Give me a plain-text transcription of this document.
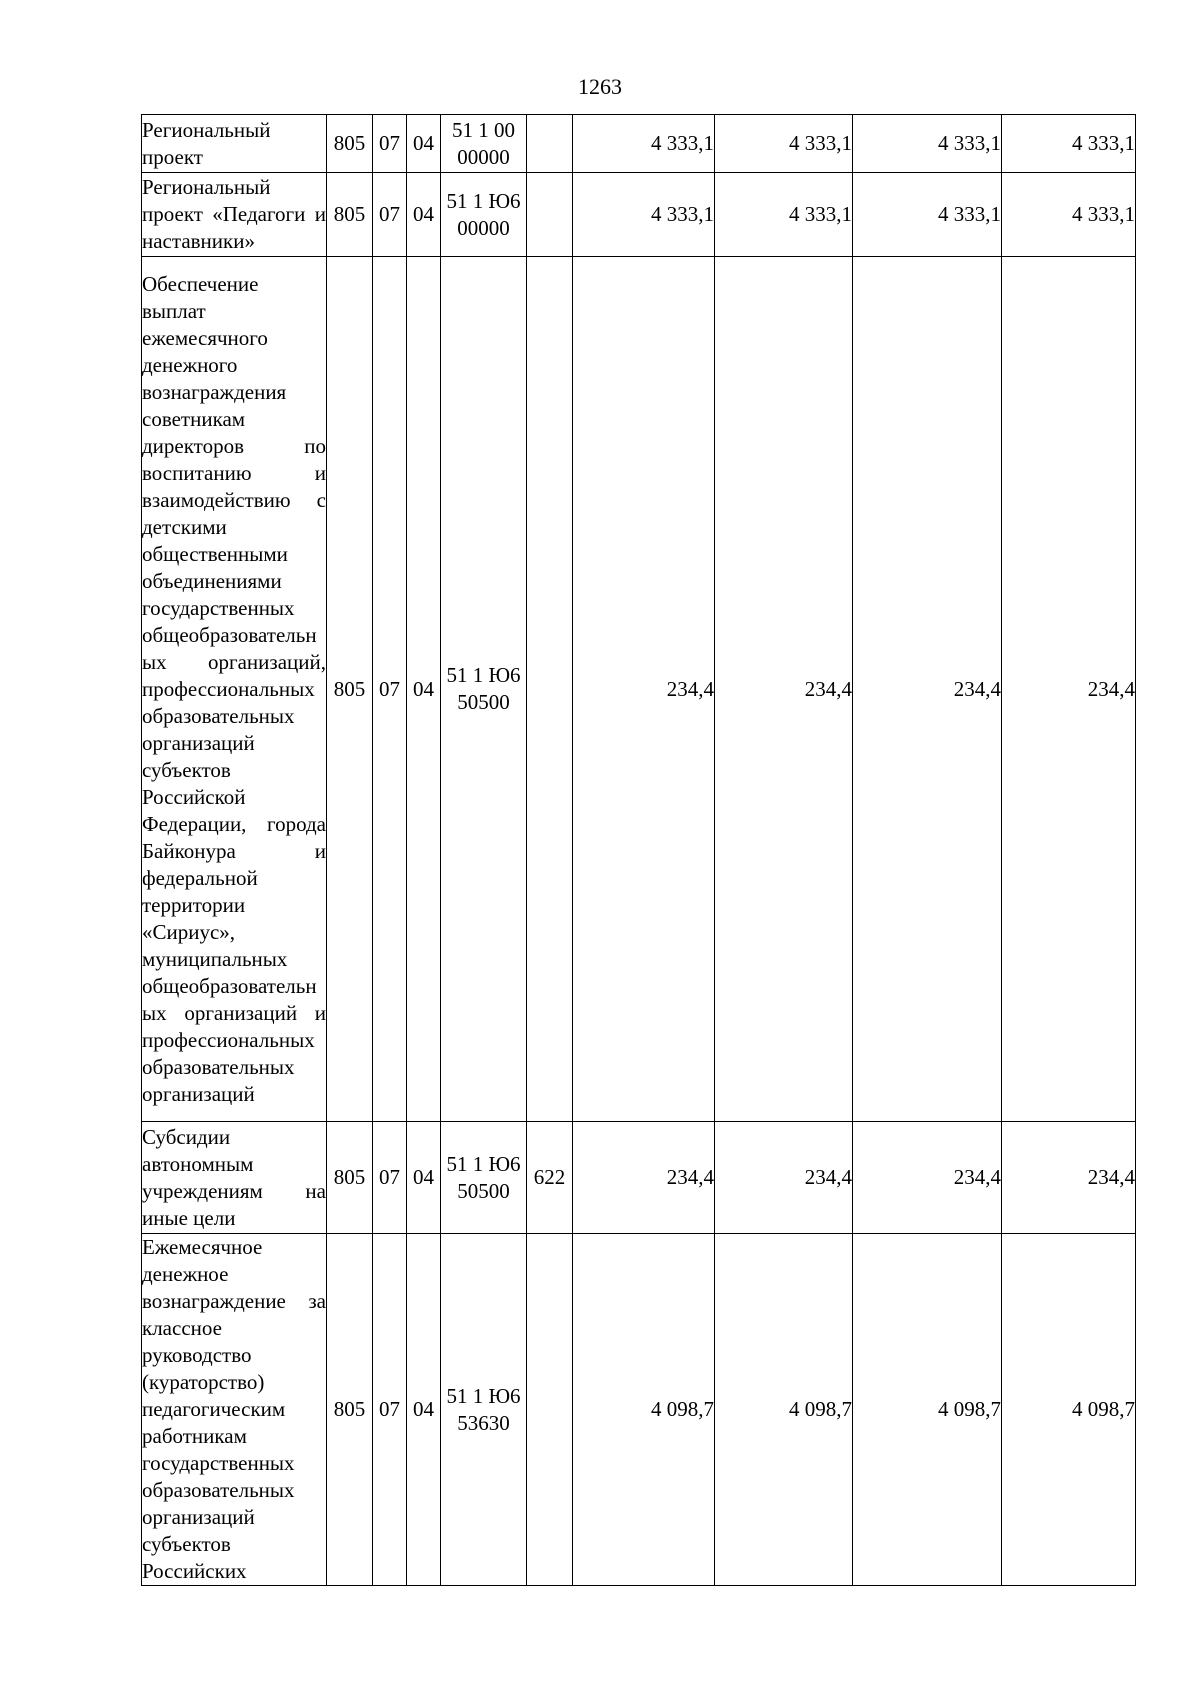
1263
Региональный проект	805	07	04	51 1 00 00000		4 333,1	4 333,1	4 333,1	4 333,1

Региональный проект «Педагоги и наставники»	805	07	04	51 1 Ю6 00000		4 333,1	4 333,1	4 333,1	4 333,1

Обеспечение выплат ежемесячного денежного вознаграждения советникам директоров по воспитанию и взаимодействию с детскими общественными объединениями государственных общеобразовательных организаций, профессиональных образовательных организаций субъектов Российской Федерации, города Байконура и федеральной территории «Сириус», муниципальных общеобразовательных организаций и профессиональных образовательных организаций	805	07	04	51 1 Ю6 50500		234,4	234,4	234,4	234,4

Субсидии автономным учреждениям на иные цели	805	07	04	51 1 Ю6 50500	622	234,4	234,4	234,4	234,4

Ежемесячное денежное вознаграждение за классное руководство (кураторство) педагогическим работникам государственных образовательных организаций субъектов Российских	805	07	04	51 1 Ю6 53630		4 098,7	4 098,7	4 098,7	4 098,7
